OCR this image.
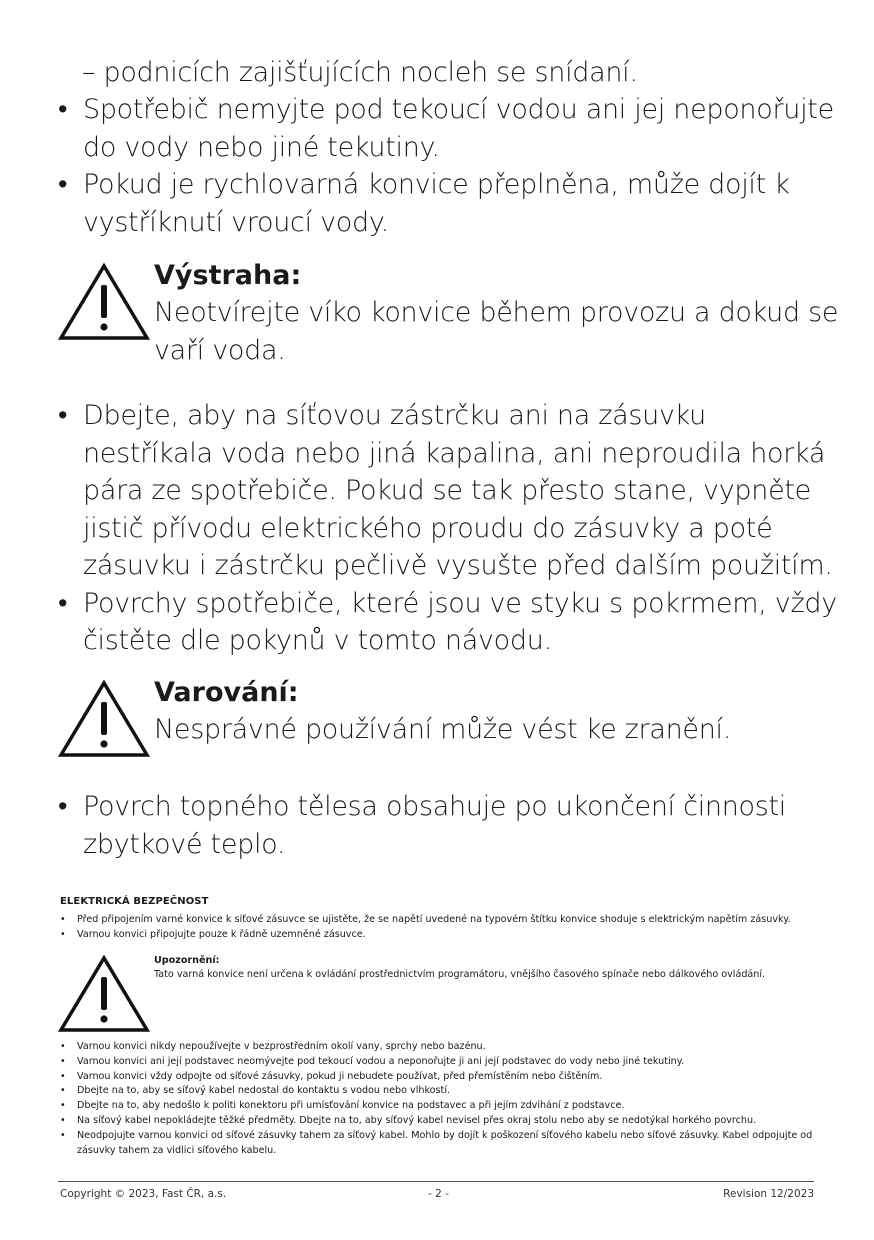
– podnicích zajišťujících nocleh se snídaní.
• Spotřebič nemyjte pod tekoucí vodou ani jej neponořujte do vody nebo jiné tekutiny.
• Pokud je rychlovarná konvice přeplněna, může dojít k vystříknutí vroucí vody.
Výstraha:
Neotvírejte víko konvice během provozu a dokud se vaří voda.
• Dbejte, aby na síťovou zástrčku ani na zásuvku nestříkala voda nebo jiná kapalina, ani neproudila horká pára ze spotřebiče. Pokud se tak přesto stane, vypněte jistič přívodu elektrického proudu do zásuvky a poté zásuvku i zástrčku pečlivě vysušte před dalším použitím.
• Povrchy spotřebiče, které jsou ve styku s pokrmem, vždy čistěte dle pokynů v tomto návodu.
Varování:
Nesprávné používání může vést ke zranění.
• Povrch topného tělesa obsahuje po ukončení činnosti zbytkové teplo.
ELEKTRICKÁ BEZPEČNOST
• Před připojením varné konvice k síťové zásuvce se ujistěte, že se napětí uvedené na typovém štítku konvice shoduje s elektrickým napětím zásuvky.
• Varnou konvici připojujte pouze k řádně uzemněné zásuvce.
Upozornění:
Tato varná konvice není určena k ovládání prostřednictvím programátoru, vnějšího časového spínače nebo dálkového ovládání.
• Varnou konvici nikdy nepoužívejte v bezprostředním okolí vany, sprchy nebo bazénu.
• Varnou konvici ani její podstavec neomývejte pod tekoucí vodou a neponořujte ji ani její podstavec do vody nebo jiné tekutiny.
• Varnou konvici vždy odpojte od síťové zásuvky, pokud ji nebudete používat, před přemístěním nebo čištěním.
• Dbejte na to, aby se síťový kabel nedostal do kontaktu s vodou nebo vlhkostí.
• Dbejte na to, aby nedošlo k politi konektoru při umísťování konvice na podstavec a při jejím zdvihání z podstavce.
• Na síťový kabel nepokládejte těžké předměty. Dbejte na to, aby síťový kabel nevisel přes okraj stolu nebo aby se nedotýkal horkého povrchu.
• Neodpojujte varnou konvici od síťové zásuvky tahem za síťový kabel. Mohlo by dojít k poškození síťového kabelu nebo síťové zásuvky. Kabel odpojujte od zásuvky tahem za vidlici síťového kabelu.
Copyright © 2023, Fast ČR, a.s.	- 2 -	Revision 12/2023
